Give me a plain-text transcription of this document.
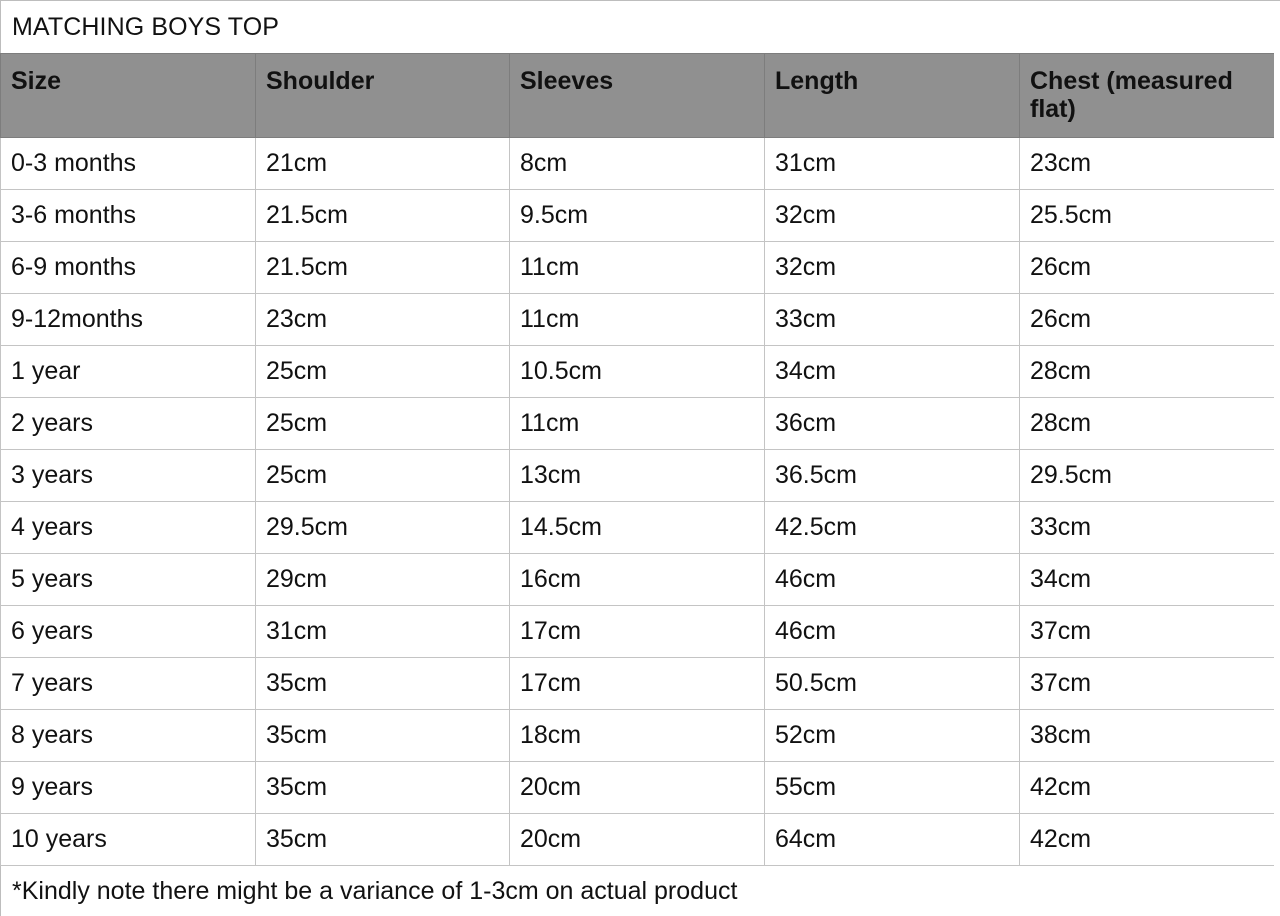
MATCHING BOYS TOP
Size	Shoulder	Sleeves	Length	Chest (measured flat)
0-3 months	21cm	8cm	31cm	23cm
3-6 months	21.5cm	9.5cm	32cm	25.5cm
6-9 months	21.5cm	11cm	32cm	26cm
9-12months	23cm	11cm	33cm	26cm
1 year	25cm	10.5cm	34cm	28cm
2 years	25cm	11cm	36cm	28cm
3 years	25cm	13cm	36.5cm	29.5cm
4 years	29.5cm	14.5cm	42.5cm	33cm
5 years	29cm	16cm	46cm	34cm
6 years	31cm	17cm	46cm	37cm
7 years	35cm	17cm	50.5cm	37cm
8 years	35cm	18cm	52cm	38cm
9 years	35cm	20cm	55cm	42cm
10 years	35cm	20cm	64cm	42cm
*Kindly note there might be a variance of 1-3cm on actual product
